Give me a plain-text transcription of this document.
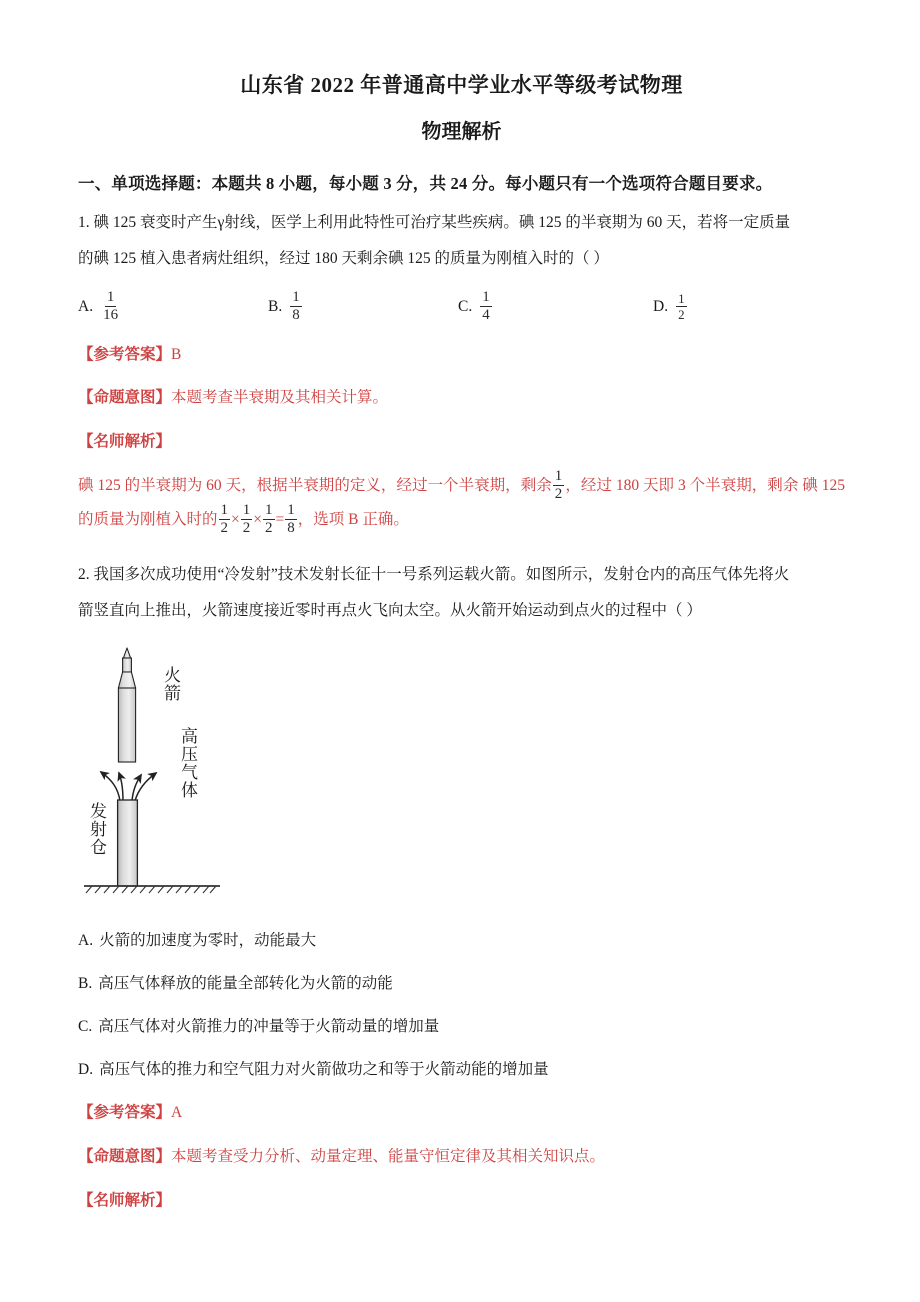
山东省 2022 年普通高中学业水平等级考试物理
物理解析
一、单项选择题：本题共 8 小题，每小题 3 分，共 24 分。每小题只有一个选项符合题目要求。
1. 碘 125 衰变时产生γ射线，医学上利用此特性可治疗某些疾病。碘 125 的半衰期为 60 天，若将一定质量
的碘 125 植入患者病灶组织，经过 180 天剩余碘 125 的质量为刚植入时的（ ）
A. $\frac{1}{16}$	B. $\frac{1}{8}$	C. $\frac{1}{4}$	D. $\frac{1}{2}$
【参考答案】B
【命题意图】本题考查半衰期及其相关计算。
【名师解析】
碘 125 的半衰期为 60 天，根据半衰期的定义，经过一个半衰期，剩余 $\frac{1}{2}$ ，经过 180 天即 3 个半衰期，剩余 碘 125 的质量为刚植入时的 $\frac{1}{2} \times \frac{1}{2} \times \frac{1}{2} = \frac{1}{8}$ ，选项 B 正确。
2. 我国多次成功使用“冷发射”技术发射长征十一号系列运载火箭。如图所示，发射仓内的高压气体先将火
箭竖直向上推出，火箭速度接近零时再点火飞向太空。从火箭开始运动到点火的过程中（ ）
火箭
高压气体
发射仓
A. 火箭的加速度为零时，动能最大
B. 高压气体释放的能量全部转化为火箭的动能
C. 高压气体对火箭推力的冲量等于火箭动量的增加量
D. 高压气体的推力和空气阻力对火箭做功之和等于火箭动能的增加量
【参考答案】A
【命题意图】本题考查受力分析、动量定理、能量守恒定律及其相关知识点。
【名师解析】
